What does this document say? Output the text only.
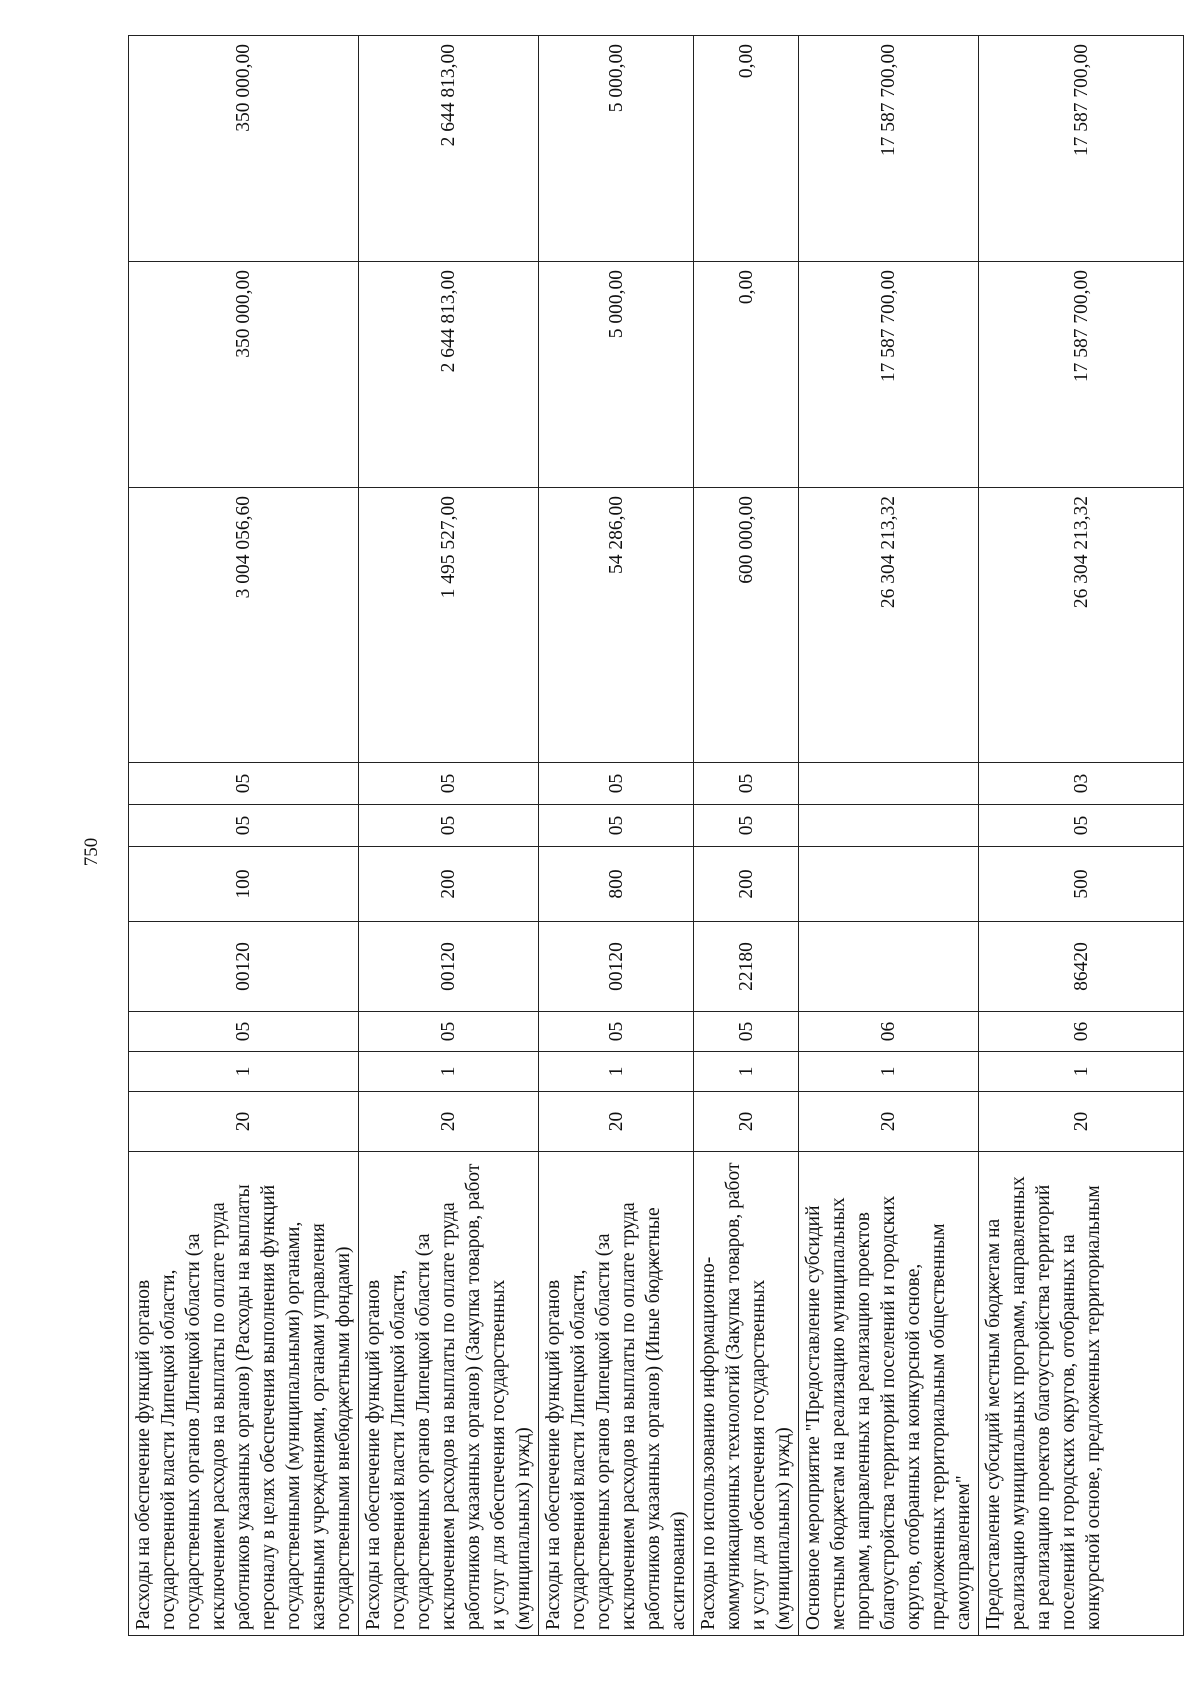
750
Расходы на обеспечение функций органов государственной власти Липецкой области, государственных органов Липецкой области (за исключением расходов на выплаты по оплате труда работников указанных органов) (Расходы на выплаты персоналу в целях обеспечения выполнения функций государственными (муниципальными) органами, казенными учреждениями, органами управления государственными внебюджетными фондами)	20	1	05	00120	100	05	05	3 004 056,60	350 000,00	350 000,00
Расходы на обеспечение функций органов государственной власти Липецкой области, государственных органов Липецкой области (за исключением расходов на выплаты по оплате труда работников указанных органов) (Закупка товаров, работ и услуг для обеспечения государственных (муниципальных) нужд)	20	1	05	00120	200	05	05	1 495 527,00	2 644 813,00	2 644 813,00
Расходы на обеспечение функций органов государственной власти Липецкой области, государственных органов Липецкой области (за исключением расходов на выплаты по оплате труда работников указанных органов) (Иные бюджетные ассигнования)	20	1	05	00120	800	05	05	54 286,00	5 000,00	5 000,00
Расходы по использованию информационно-коммуникационных технологий (Закупка товаров, работ и услуг для обеспечения государственных (муниципальных) нужд)	20	1	05	22180	200	05	05	600 000,00	0,00	0,00
Основное мероприятие "Предоставление субсидий местным бюджетам на реализацию муниципальных программ, направленных на реализацию проектов благоустройства территорий поселений и городских округов, отобранных на конкурсной основе, предложенных территориальным общественным самоуправлением"	20	1	06					26 304 213,32	17 587 700,00	17 587 700,00
Предоставление субсидий местным бюджетам на реализацию муниципальных программ, направленных на реализацию проектов благоустройства территорий поселений и городских округов, отобранных на конкурсной основе, предложенных территориальным	20	1	06	86420	500	05	03	26 304 213,32	17 587 700,00	17 587 700,00
